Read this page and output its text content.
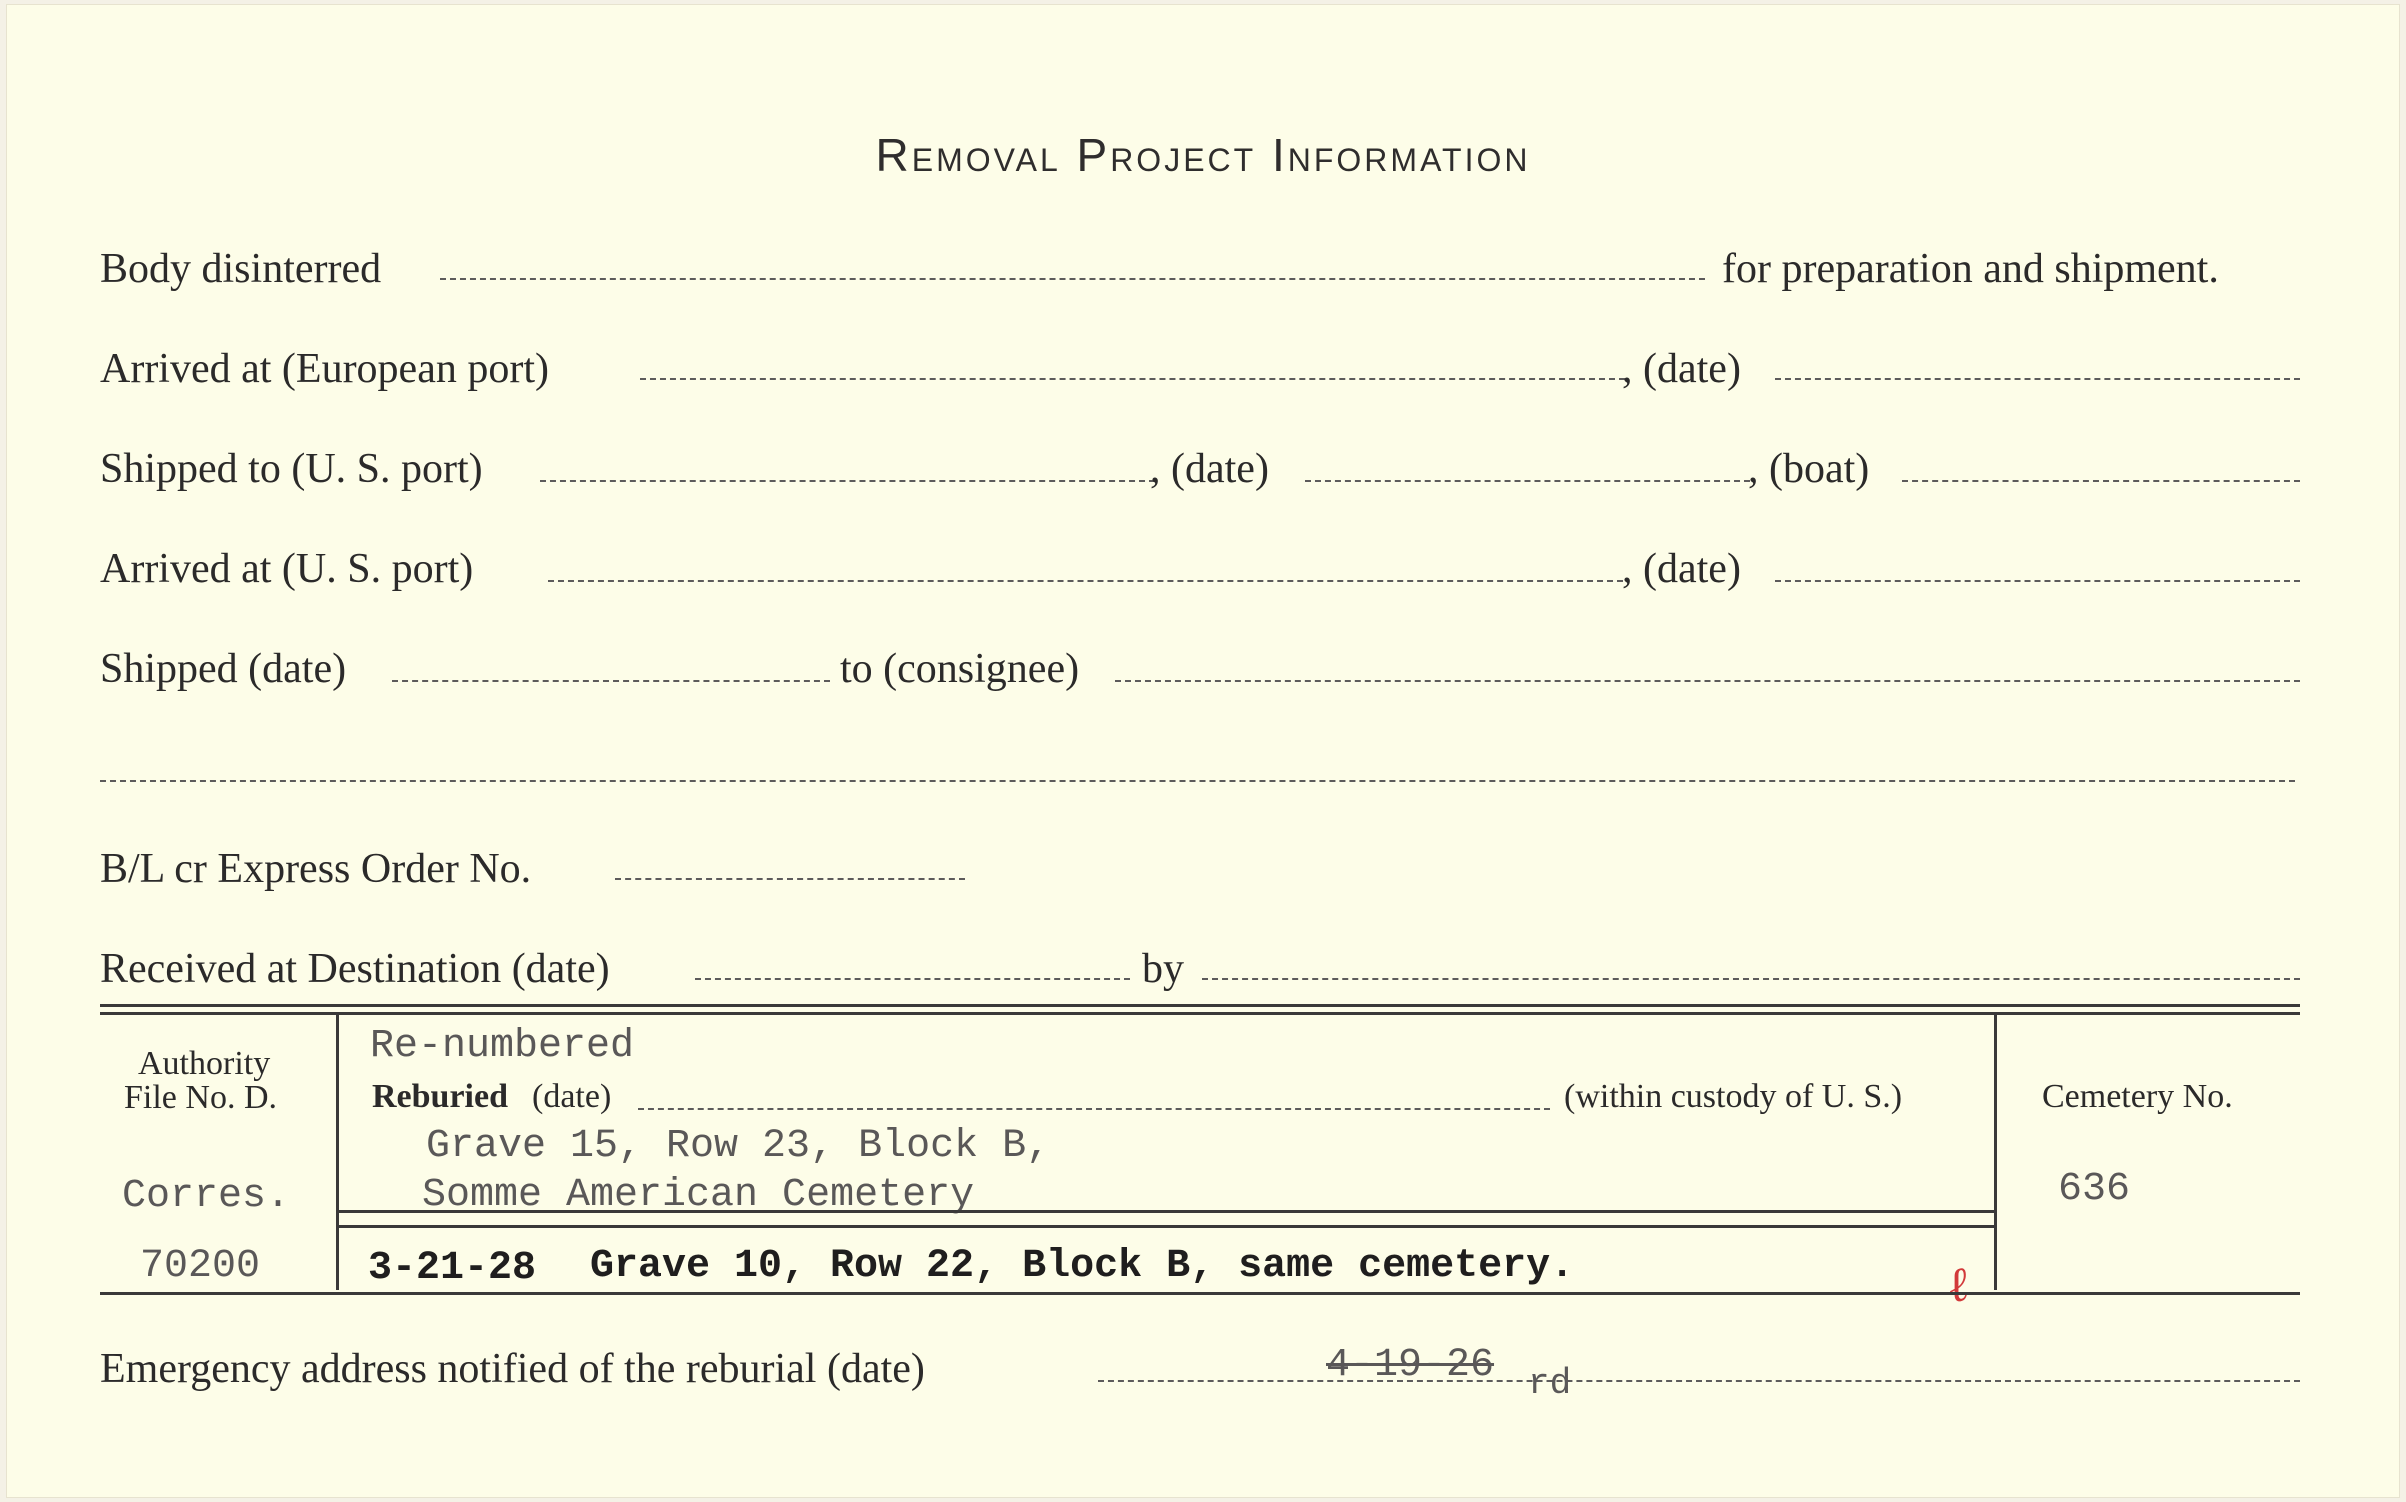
Removal Project Information
Body disinterred	for preparation and shipment.
Arrived at (European port)	, (date)
Shipped to (U. S. port)	, (date)	, (boat)
Arrived at (U. S. port)	, (date)
Shipped (date)	to (consignee)
B/L cr Express Order No.
Received at Destination (date)	by
Authority
File No. D.
Corres.
70200
Re-numbered
Reburied (date)	(within custody of U. S.)
Grave 15, Row 23, Block B,
Somme American Cemetery
3-21-28 Grave 10, Row 22, Block B, same cemetery.	ℓ
Cemetery No.
636
Emergency address notified of the reburial (date)	4-19-26 rd
